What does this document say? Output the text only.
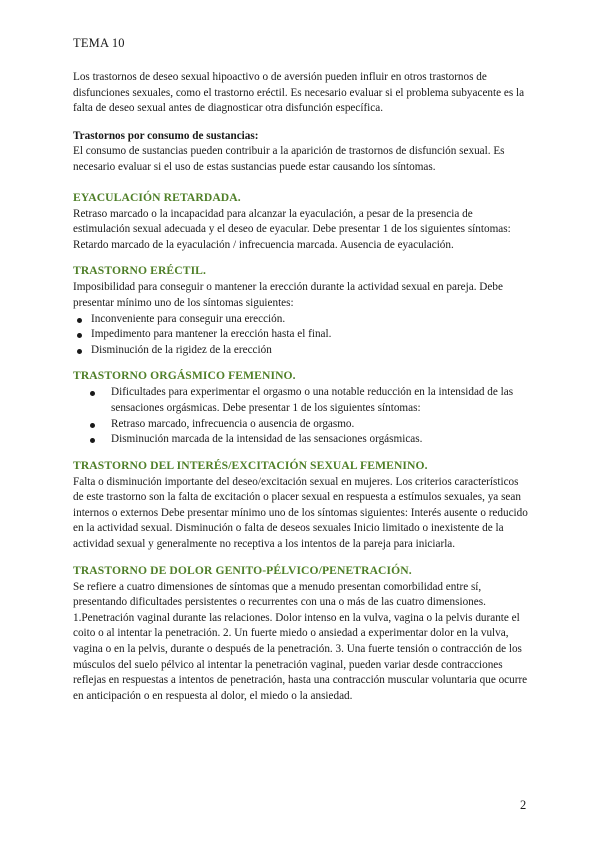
TEMA 10

Los trastornos de deseo sexual hipoactivo o de aversión pueden influir en otros trastornos de disfunciones sexuales, como el trastorno eréctil. Es necesario evaluar si el problema subyacente es la falta de deseo sexual antes de diagnosticar otra disfunción específica.

Trastornos por consumo de sustancias:

El consumo de sustancias pueden contribuir a la aparición de trastornos de disfunción sexual. Es necesario evaluar si el uso de estas sustancias puede estar causando los síntomas.

EYACULACIÓN RETARDADA.

Retraso marcado o la incapacidad para alcanzar la eyaculación, a pesar de la presencia de estimulación sexual adecuada y el deseo de eyacular. Debe presentar 1 de los siguientes síntomas: Retardo marcado de la eyaculación / infrecuencia marcada. Ausencia de eyaculación.

TRASTORNO ERÉCTIL.

Imposibilidad para conseguir o mantener la erección durante la actividad sexual en pareja. Debe presentar mínimo uno de los síntomas siguientes:

Inconveniente para conseguir una erección.
Impedimento para mantener la erección hasta el final.
Disminución de la rigidez de la erección
TRASTORNO ORGÁSMICO FEMENINO.
Dificultades para experimentar el orgasmo o una notable reducción en la intensidad de las sensaciones orgásmicas. Debe presentar 1 de los siguientes síntomas:
Retraso marcado, infrecuencia o ausencia de orgasmo.
Disminución marcada de la intensidad de las sensaciones orgásmicas.
TRASTORNO DEL INTERÉS/EXCITACIÓN SEXUAL FEMENINO.

Falta o disminución importante del deseo/excitación sexual en mujeres. Los criterios característicos de este trastorno son la falta de excitación o placer sexual en respuesta a estímulos sexuales, ya sean internos o externos Debe presentar mínimo uno de los síntomas siguientes: Interés ausente o reducido en la actividad sexual. Disminución o falta de deseos sexuales Inicio limitado o inexistente de la actividad sexual y generalmente no receptiva a los intentos de la pareja para iniciarla.

TRASTORNO DE DOLOR GENITO-PÉLVICO/PENETRACIÓN.

Se refiere a cuatro dimensiones de síntomas que a menudo presentan comorbilidad entre sí, presentando dificultades persistentes o recurrentes con una o más de las cuatro dimensiones. 1.Penetración vaginal durante las relaciones. Dolor intenso en la vulva, vagina o la pelvis durante el coito o al intentar la penetración. 2. Un fuerte miedo o ansiedad a experimentar dolor en la vulva, vagina o en la pelvis, durante o después de la penetración. 3. Una fuerte tensión o contracción de los músculos del suelo pélvico al intentar la penetración vaginal, pueden variar desde contracciones reflejas en respuestas a intentos de penetración, hasta una contracción muscular voluntaria que ocurre en anticipación o en respuesta al dolor, el miedo o la ansiedad.

2
